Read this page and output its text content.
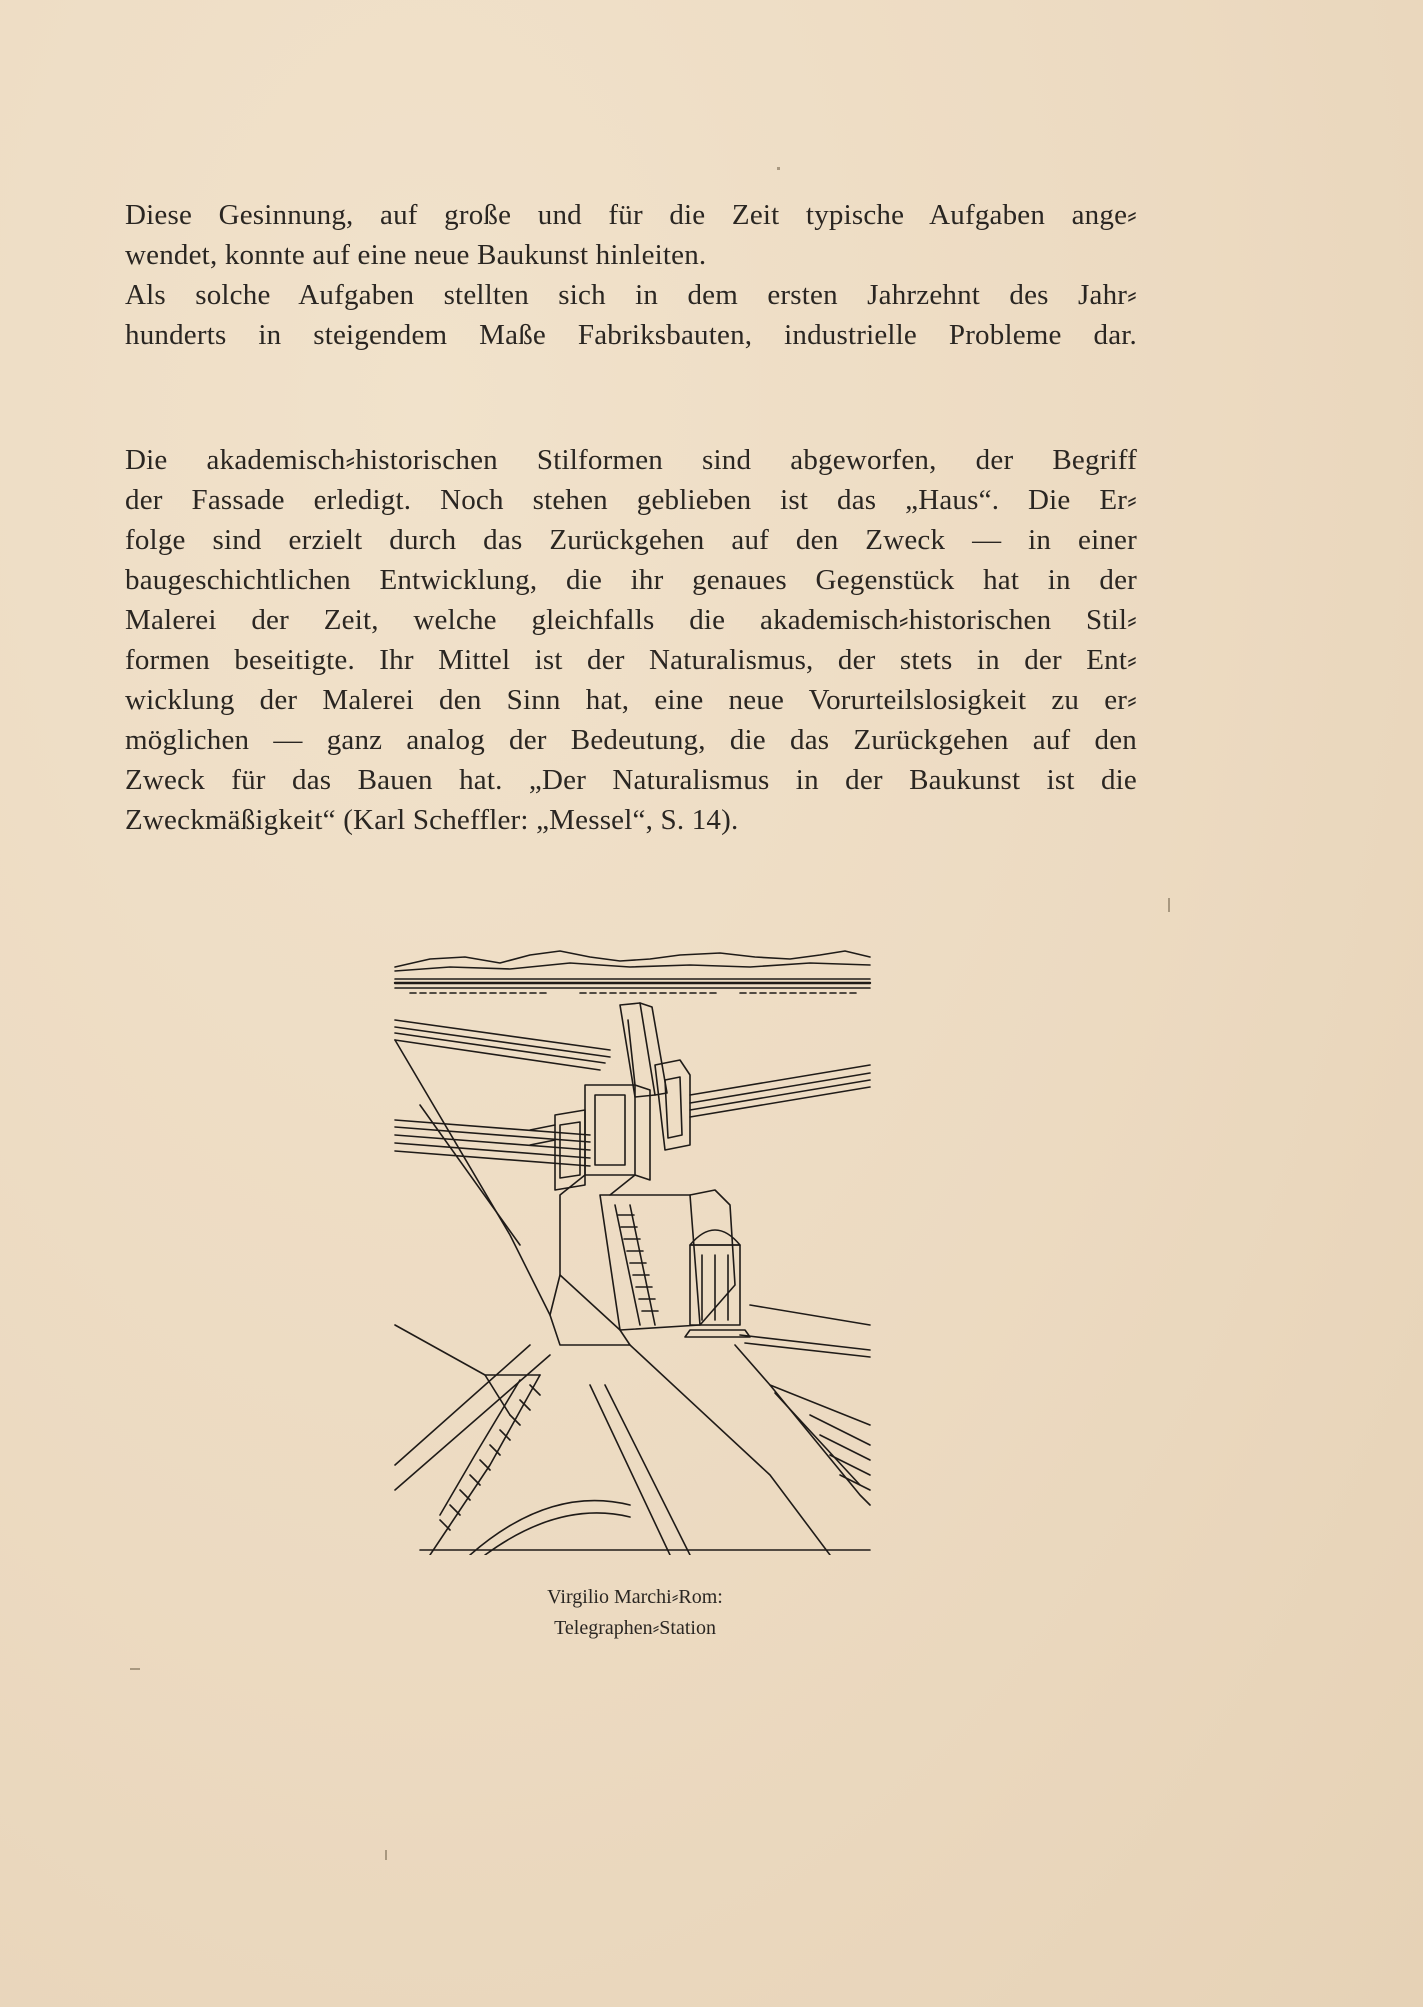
Diese Gesinnung, auf große und für die Zeit typische Aufgaben ange⸗
wendet, konnte auf eine neue Baukunst hinleiten.
Als solche Aufgaben stellten sich in dem ersten Jahrzehnt des Jahr⸗
hunderts in steigendem Maße Fabriksbauten, industrielle Probleme dar.
Die akademisch⸗historischen Stilformen sind abgeworfen, der Begriff
der Fassade erledigt. Noch stehen geblieben ist das „Haus“. Die Er⸗
folge sind erzielt durch das Zurückgehen auf den Zweck — in einer
baugeschichtlichen Entwicklung, die ihr genaues Gegenstück hat in der
Malerei der Zeit, welche gleichfalls die akademisch⸗historischen Stil⸗
formen beseitigte. Ihr Mittel ist der Naturalismus, der stets in der Ent⸗
wicklung der Malerei den Sinn hat, eine neue Vorurteilslosigkeit zu er⸗
möglichen — ganz analog der Bedeutung, die das Zurückgehen auf den
Zweck für das Bauen hat. „Der Naturalismus in der Baukunst ist die
Zweckmäßigkeit“ (Karl Scheffler: „Messel“, S. 14).
Virgilio Marchi⸗Rom:
Telegraphen⸗Station
